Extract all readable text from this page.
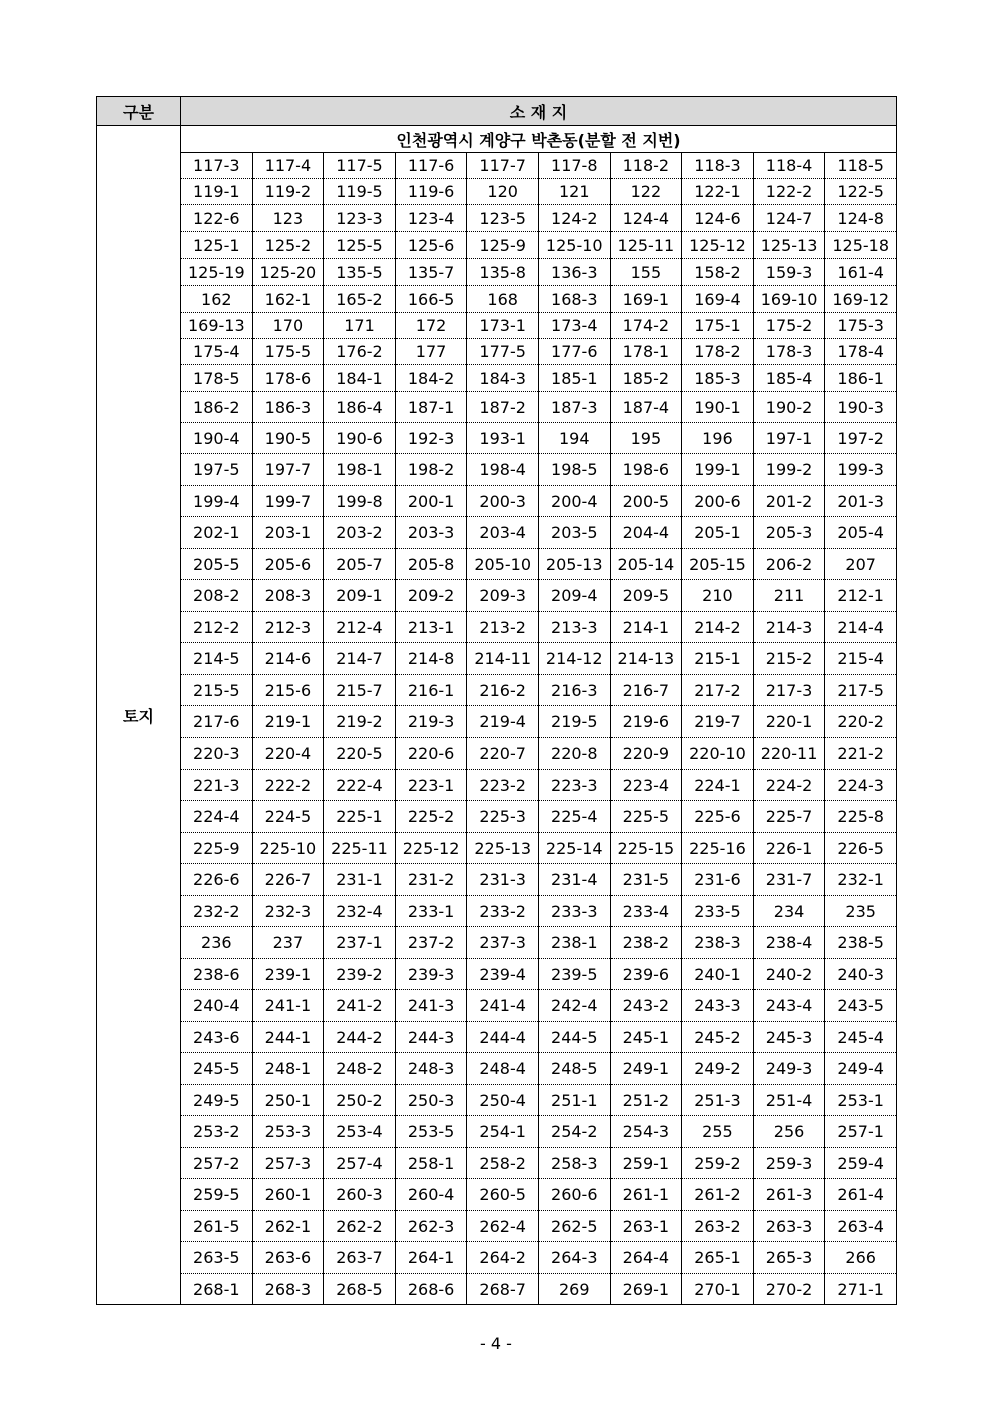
구분	소 재 지									
토지	인천광역시 계양구 박촌동(분할 전 지번)									
	117-3	117-4	117-5	117-6	117-7	117-8	118-2	118-3	118-4	118-5
	119-1	119-2	119-5	119-6	120	121	122	122-1	122-2	122-5
	122-6	123	123-3	123-4	123-5	124-2	124-4	124-6	124-7	124-8
	125-1	125-2	125-5	125-6	125-9	125-10	125-11	125-12	125-13	125-18
	125-19	125-20	135-5	135-7	135-8	136-3	155	158-2	159-3	161-4
	162	162-1	165-2	166-5	168	168-3	169-1	169-4	169-10	169-12
	169-13	170	171	172	173-1	173-4	174-2	175-1	175-2	175-3
	175-4	175-5	176-2	177	177-5	177-6	178-1	178-2	178-3	178-4
	178-5	178-6	184-1	184-2	184-3	185-1	185-2	185-3	185-4	186-1
	186-2	186-3	186-4	187-1	187-2	187-3	187-4	190-1	190-2	190-3
	190-4	190-5	190-6	192-3	193-1	194	195	196	197-1	197-2
	197-5	197-7	198-1	198-2	198-4	198-5	198-6	199-1	199-2	199-3
	199-4	199-7	199-8	200-1	200-3	200-4	200-5	200-6	201-2	201-3
	202-1	203-1	203-2	203-3	203-4	203-5	204-4	205-1	205-3	205-4
	205-5	205-6	205-7	205-8	205-10	205-13	205-14	205-15	206-2	207
	208-2	208-3	209-1	209-2	209-3	209-4	209-5	210	211	212-1
	212-2	212-3	212-4	213-1	213-2	213-3	214-1	214-2	214-3	214-4
	214-5	214-6	214-7	214-8	214-11	214-12	214-13	215-1	215-2	215-4
	215-5	215-6	215-7	216-1	216-2	216-3	216-7	217-2	217-3	217-5
	217-6	219-1	219-2	219-3	219-4	219-5	219-6	219-7	220-1	220-2
	220-3	220-4	220-5	220-6	220-7	220-8	220-9	220-10	220-11	221-2
	221-3	222-2	222-4	223-1	223-2	223-3	223-4	224-1	224-2	224-3
	224-4	224-5	225-1	225-2	225-3	225-4	225-5	225-6	225-7	225-8
	225-9	225-10	225-11	225-12	225-13	225-14	225-15	225-16	226-1	226-5
	226-6	226-7	231-1	231-2	231-3	231-4	231-5	231-6	231-7	232-1
	232-2	232-3	232-4	233-1	233-2	233-3	233-4	233-5	234	235
	236	237	237-1	237-2	237-3	238-1	238-2	238-3	238-4	238-5
	238-6	239-1	239-2	239-3	239-4	239-5	239-6	240-1	240-2	240-3
	240-4	241-1	241-2	241-3	241-4	242-4	243-2	243-3	243-4	243-5
	243-6	244-1	244-2	244-3	244-4	244-5	245-1	245-2	245-3	245-4
	245-5	248-1	248-2	248-3	248-4	248-5	249-1	249-2	249-3	249-4
	249-5	250-1	250-2	250-3	250-4	251-1	251-2	251-3	251-4	253-1
	253-2	253-3	253-4	253-5	254-1	254-2	254-3	255	256	257-1
	257-2	257-3	257-4	258-1	258-2	258-3	259-1	259-2	259-3	259-4
	259-5	260-1	260-3	260-4	260-5	260-6	261-1	261-2	261-3	261-4
	261-5	262-1	262-2	262-3	262-4	262-5	263-1	263-2	263-3	263-4
	263-5	263-6	263-7	264-1	264-2	264-3	264-4	265-1	265-3	266
	268-1	268-3	268-5	268-6	268-7	269	269-1	270-1	270-2	271-1
- 4 -
